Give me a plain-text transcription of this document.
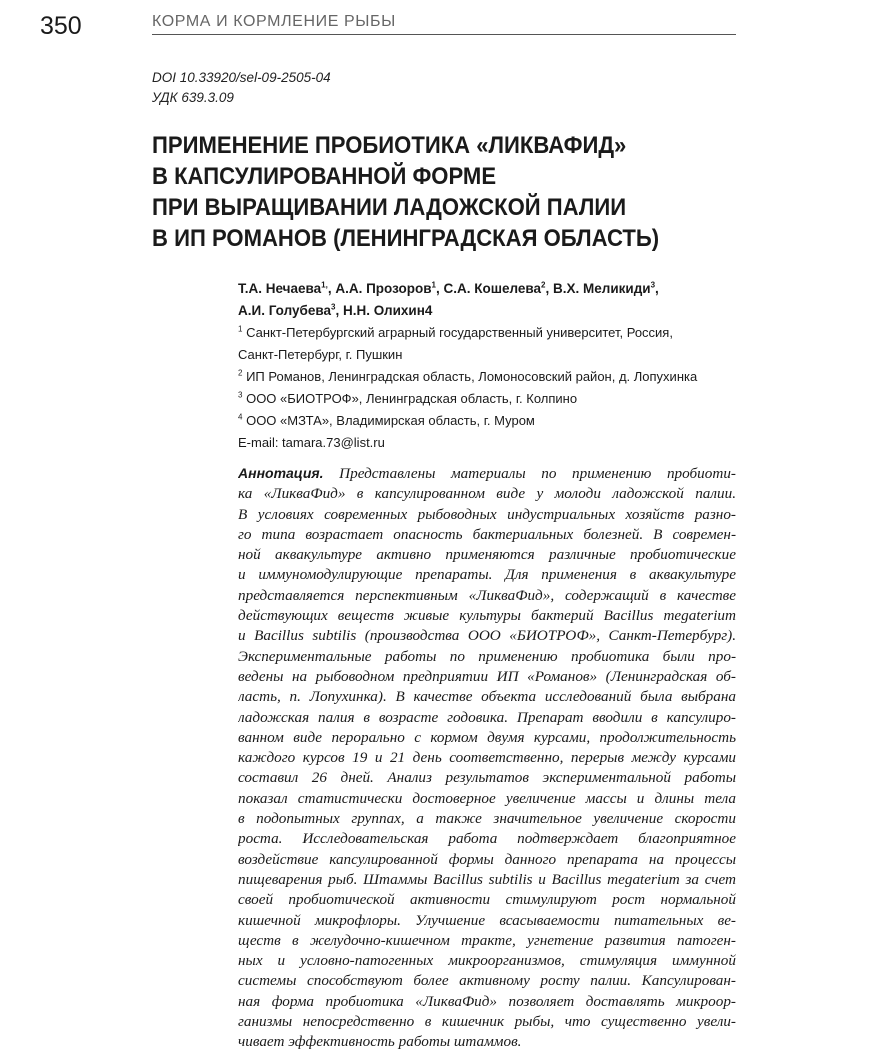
350	КОРМА И КОРМЛЕНИЕ РЫБЫ
DOI 10.33920/sel-09-2505-04
УДК 639.3.09
ПРИМЕНЕНИЕ ПРОБИОТИКА «ЛИКВАФИД»
В КАПСУЛИРОВАННОЙ ФОРМЕ
ПРИ ВЫРАЩИВАНИИ ЛАДОЖСКОЙ ПАЛИИ
В ИП РОМАНОВ (ЛЕНИНГРАДСКАЯ ОБЛАСТЬ)
Т.А. Нечаева$^{1,}$, А.А. Прозоров$^1$, С.А. Кошелева$^2$, В.Х. Меликиди$^3$,
А.И. Голубева$^3$, Н.Н. Олихин4
$^1$ Санкт-Петербургский аграрный государственный университет, Россия,
Санкт-Петербург, г. Пушкин
$^2$ ИП Романов, Ленинградская область, Ломоносовский район, д. Лопухинка
$^3$ ООО «БИОТРОФ», Ленинградская область, г. Колпино
$^4$ ООО «МЗТА», Владимирская область, г. Муром
E-mail: tamara.73@list.ru
Аннотация. Представлены материалы по применению пробиоти-
ка «ЛикваФид» в капсулированном виде у молоди ладожской палии.
В условиях современных рыбоводных индустриальных хозяйств разно-
го типа возрастает опасность бактериальных болезней. В современ-
ной аквакультуре активно применяются различные пробиотические
и иммуномодулирующие препараты. Для применения в аквакультуре
представляется перспективным «ЛикваФид», содержащий в качестве
действующих веществ живые культуры бактерий Bacillus megaterium
и Bacillus subtilis (производства ООО «БИОТРОФ», Санкт-Петербург).
Экспериментальные работы по применению пробиотика были про-
ведены на рыбоводном предприятии ИП «Романов» (Ленинградская об-
ласть, п. Лопухинка). В качестве объекта исследований была выбрана
ладожская палия в возрасте годовика. Препарат вводили в капсулиро-
ванном виде перорально с кормом двумя курсами, продолжительность
каждого курсов 19 и 21 день соответственно, перерыв между курсами
составил 26 дней. Анализ результатов экспериментальной работы
показал статистически достоверное увеличение массы и длины тела
в подопытных группах, а также значительное увеличение скорости
роста. Исследовательская работа подтверждает благоприятное
воздействие капсулированной формы данного препарата на процессы
пищеварения рыб. Штаммы Bacillus subtilis и Bacillus megaterium за счет
своей пробиотической активности стимулируют рост нормальной
кишечной микрофлоры. Улучшение всасываемости питательных ве-
ществ в желудочно-кишечном тракте, угнетение развития патоген-
ных и условно-патогенных микроорганизмов, стимуляция иммунной
системы способствуют более активному росту палии. Капсулирован-
ная форма пробиотика «ЛикваФид» позволяет доставлять микроор-
ганизмы непосредственно в кишечник рыбы, что существенно увели-
чивает эффективность работы штаммов.
